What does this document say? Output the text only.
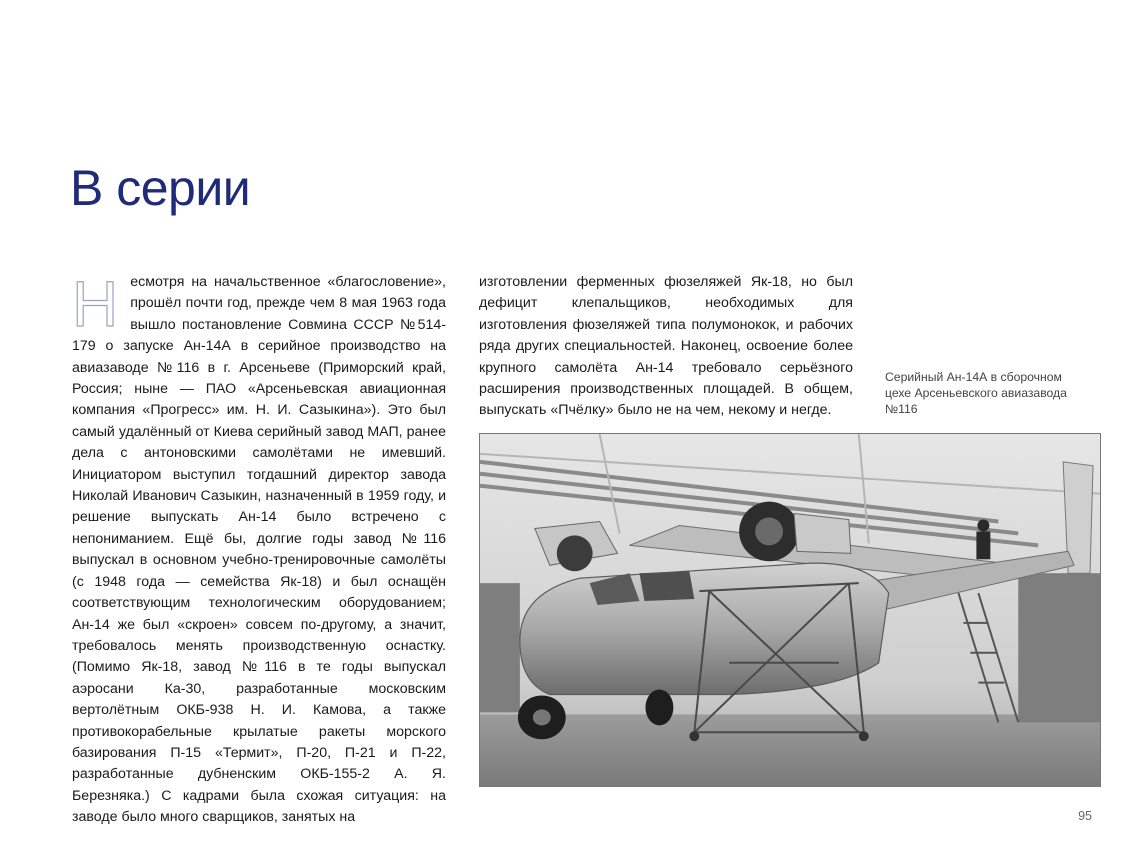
В серии
Н есмотря на начальственное «благословение», прошёл почти год, прежде чем 8 мая 1963 года вышло постановление Совмина СССР №514-179 о запуске Ан-14А в серийное производство на авиазаводе №116 в г. Арсеньеве (Приморский край, Россия; ныне — ПАО «Арсеньевская авиационная компания «Прогресс» им. Н. И. Сазыкина»). Это был самый удалённый от Киева серийный завод МАП, ранее дела с антоновскими самолётами не имевший. Инициатором выступил тогдашний директор завода Николай Иванович Сазыкин, назначенный в 1959 году, и решение выпускать Ан-14 было встречено с непониманием. Ещё бы, долгие годы завод №116 выпускал в основном учебно-тренировочные самолёты (с 1948 года — семейства Як-18) и был оснащён соответствующим технологическим оборудованием; Ан-14 же был «скроен» совсем по-другому, а значит, требовалось менять производственную оснастку. (Помимо Як-18, завод №116 в те годы выпускал аэросани Ка-30, разработанные московским вертолётным ОКБ-938 Н. И. Камова, а также противокорабельные крылатые ракеты морского базирования П-15 «Термит», П-20, П-21 и П-22, разработанные дубненским ОКБ-155-2 А. Я. Березняка.) С кадрами была схожая ситуация: на заводе было много сварщиков, занятых на

изготовлении ферменных фюзеляжей Як-18, но был дефицит клепальщиков, необходимых для изготовления фюзеляжей типа полумонокок, и рабочих ряда других специальностей. Наконец, освоение более крупного самолёта Ан-14 требовало серьёзного расширения производственных площадей. В общем, выпускать «Пчёлку» было не на чем, некому и негде.

Серийный Ан-14А в сборочном цехе Арсеньевского авиазавода №116

95
